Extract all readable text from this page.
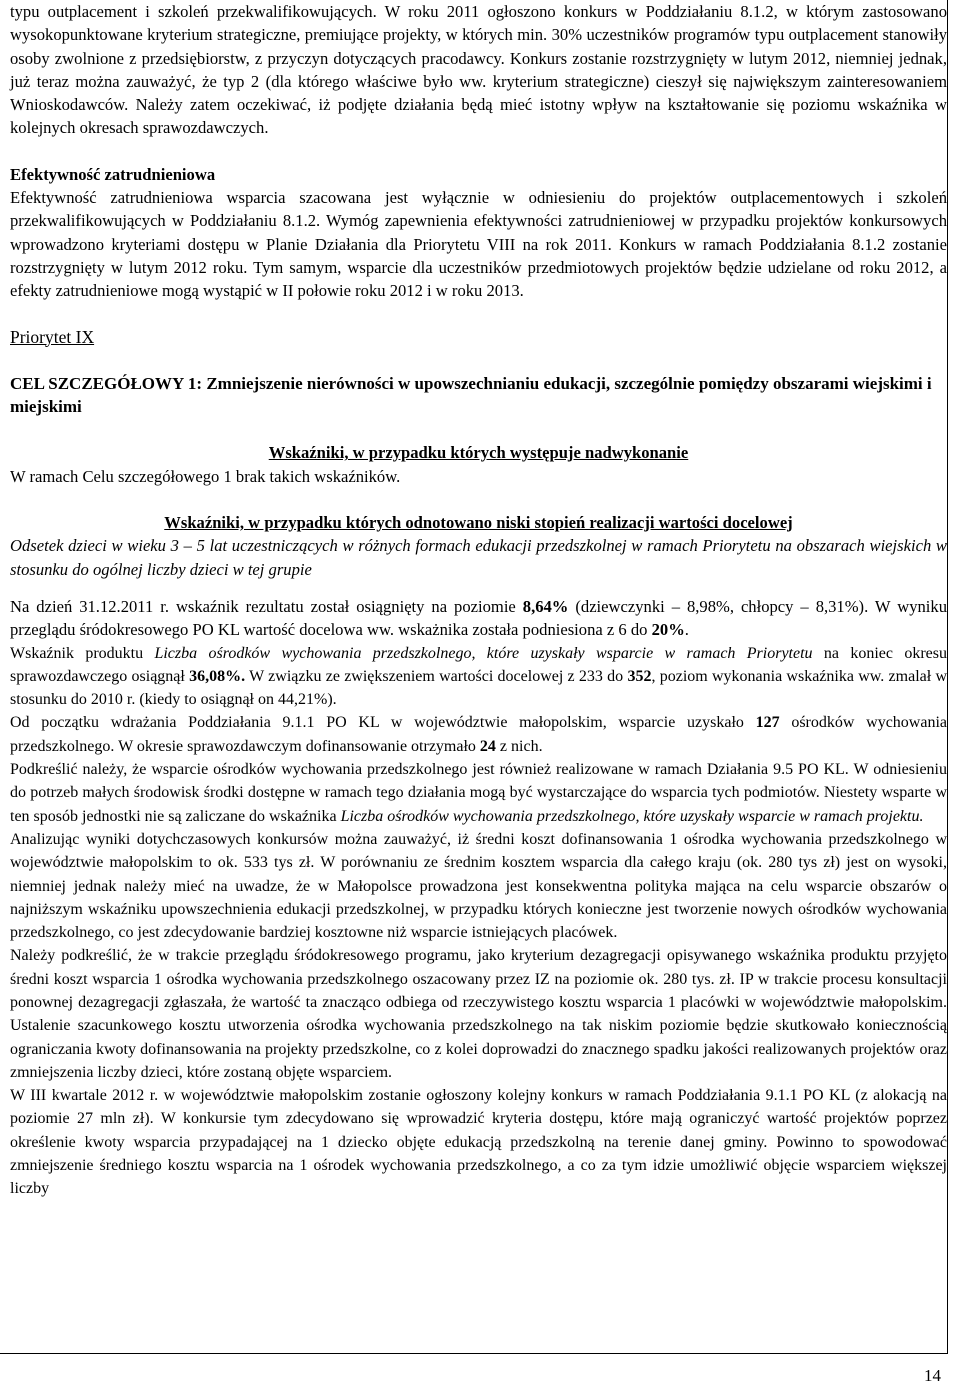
typu outplacement i szkoleń przekwalifikowujących. W roku 2011 ogłoszono konkurs w Poddziałaniu 8.1.2, w którym zastosowano wysokopunktowane kryterium strategiczne, premiujące projekty, w których min. 30% uczestników programów typu outplacement stanowiły osoby zwolnione z przedsiębiorstw, z przyczyn dotyczących pracodawcy. Konkurs zostanie rozstrzygnięty w lutym 2012, niemniej jednak, już teraz można zauważyć, że typ 2 (dla którego właściwe było ww. kryterium strategiczne) cieszył się największym zainteresowaniem Wnioskodawców. Należy zatem oczekiwać, iż podjęte działania będą mieć istotny wpływ na kształtowanie się poziomu wskaźnika w kolejnych okresach sprawozdawczych.

Efektywność zatrudnieniowa

Efektywność zatrudnieniowa wsparcia szacowana jest wyłącznie w odniesieniu do projektów outplacementowych i szkoleń przekwalifikowujących w Poddziałaniu 8.1.2. Wymóg zapewnienia efektywności zatrudnieniowej w przypadku projektów konkursowych wprowadzono kryteriami dostępu w Planie Działania dla Priorytetu VIII na rok 2011. Konkurs w ramach Poddziałania 8.1.2 zostanie rozstrzygnięty w lutym 2012 roku. Tym samym, wsparcie dla uczestników przedmiotowych projektów będzie udzielane od roku 2012, a efekty zatrudnieniowe mogą wystąpić w II połowie roku 2012 i w roku 2013.

Priorytet IX

CEL SZCZEGÓŁOWY 1: Zmniejszenie nierówności w upowszechnianiu edukacji, szczególnie pomiędzy obszarami wiejskimi i miejskimi

Wskaźniki, w przypadku których występuje nadwykonanie

W ramach Celu szczegółowego 1 brak takich wskaźników.

Wskaźniki, w przypadku których odnotowano niski stopień realizacji wartości docelowej

Odsetek dzieci w wieku 3 – 5 lat uczestniczących w różnych formach edukacji przedszkolnej w ramach Priorytetu na obszarach wiejskich w stosunku do ogólnej liczby dzieci w tej grupie

Na dzień 31.12.2011 r. wskaźnik rezultatu został osiągnięty na poziomie 8,64% (dziewczynki – 8,98%, chłopcy – 8,31%). W wyniku przeglądu śródokresowego PO KL wartość docelowa ww. wskażnika została podniesiona z 6 do 20%.

Wskaźnik produktu Liczba ośrodków wychowania przedszkolnego, które uzyskały wsparcie w ramach Priorytetu na koniec okresu sprawozdawczego osiągnął 36,08%. W związku ze zwiększeniem wartości docelowej z 233 do 352, poziom wykonania wskaźnika ww. zmalał w stosunku do 2010 r. (kiedy to osiągnął on 44,21%).

Od początku wdrażania Poddziałania 9.1.1 PO KL w województwie małopolskim, wsparcie uzyskało 127 ośrodków wychowania przedszkolnego. W okresie sprawozdawczym dofinansowanie otrzymało 24 z nich.

Podkreślić należy, że wsparcie ośrodków wychowania przedszkolnego jest również realizowane w ramach Działania 9.5 PO KL. W odniesieniu do potrzeb małych środowisk środki dostępne w ramach tego działania mogą być wystarczające do wsparcia tych podmiotów. Niestety wsparte w ten sposób jednostki nie są zaliczane do wskaźnika Liczba ośrodków wychowania przedszkolnego, które uzyskały wsparcie w ramach projektu.

Analizując wyniki dotychczasowych konkursów można zauważyć, iż średni koszt dofinansowania 1 ośrodka wychowania przedszkolnego w województwie małopolskim to ok. 533 tys zł. W porównaniu ze średnim kosztem wsparcia dla całego kraju (ok. 280 tys zł) jest on wysoki, niemniej jednak należy mieć na uwadze, że w Małopolsce prowadzona jest konsekwentna polityka mająca na celu wsparcie obszarów o najniższym wskaźniku upowszechnienia edukacji przedszkolnej, w przypadku których konieczne jest tworzenie nowych ośrodków wychowania przedszkolnego, co jest zdecydowanie bardziej kosztowne niż wsparcie istniejących placówek.

Należy podkreślić, że w trakcie przeglądu śródokresowego programu, jako kryterium dezagregacji opisywanego wskaźnika produktu przyjęto średni koszt wsparcia 1 ośrodka wychowania przedszkolnego oszacowany przez IZ na poziomie ok. 280 tys. zł. IP w trakcie procesu konsultacji ponownej dezagregacji zgłaszała, że wartość ta znacząco odbiega od rzeczywistego kosztu wsparcia 1 placówki w województwie małopolskim. Ustalenie szacunkowego kosztu utworzenia ośrodka wychowania przedszkolnego na tak niskim poziomie będzie skutkowało koniecznością ograniczania kwoty dofinansowania na projekty przedszkolne, co z kolei doprowadzi do znacznego spadku jakości realizowanych projektów oraz zmniejszenia liczby dzieci, które zostaną objęte wsparciem.

W III kwartale 2012 r. w województwie małopolskim zostanie ogłoszony kolejny konkurs w ramach Poddziałania 9.1.1 PO KL (z alokacją na poziomie 27 mln zł). W konkursie tym zdecydowano się wprowadzić kryteria dostępu, które mają ograniczyć wartość projektów poprzez określenie kwoty wsparcia przypadającej na 1 dziecko objęte edukacją przedszkolną na terenie danej gminy. Powinno to spowodować zmniejszenie średniego kosztu wsparcia na 1 ośrodek wychowania przedszkolnego, a co za tym idzie umożliwić objęcie wsparciem większej liczby

14
